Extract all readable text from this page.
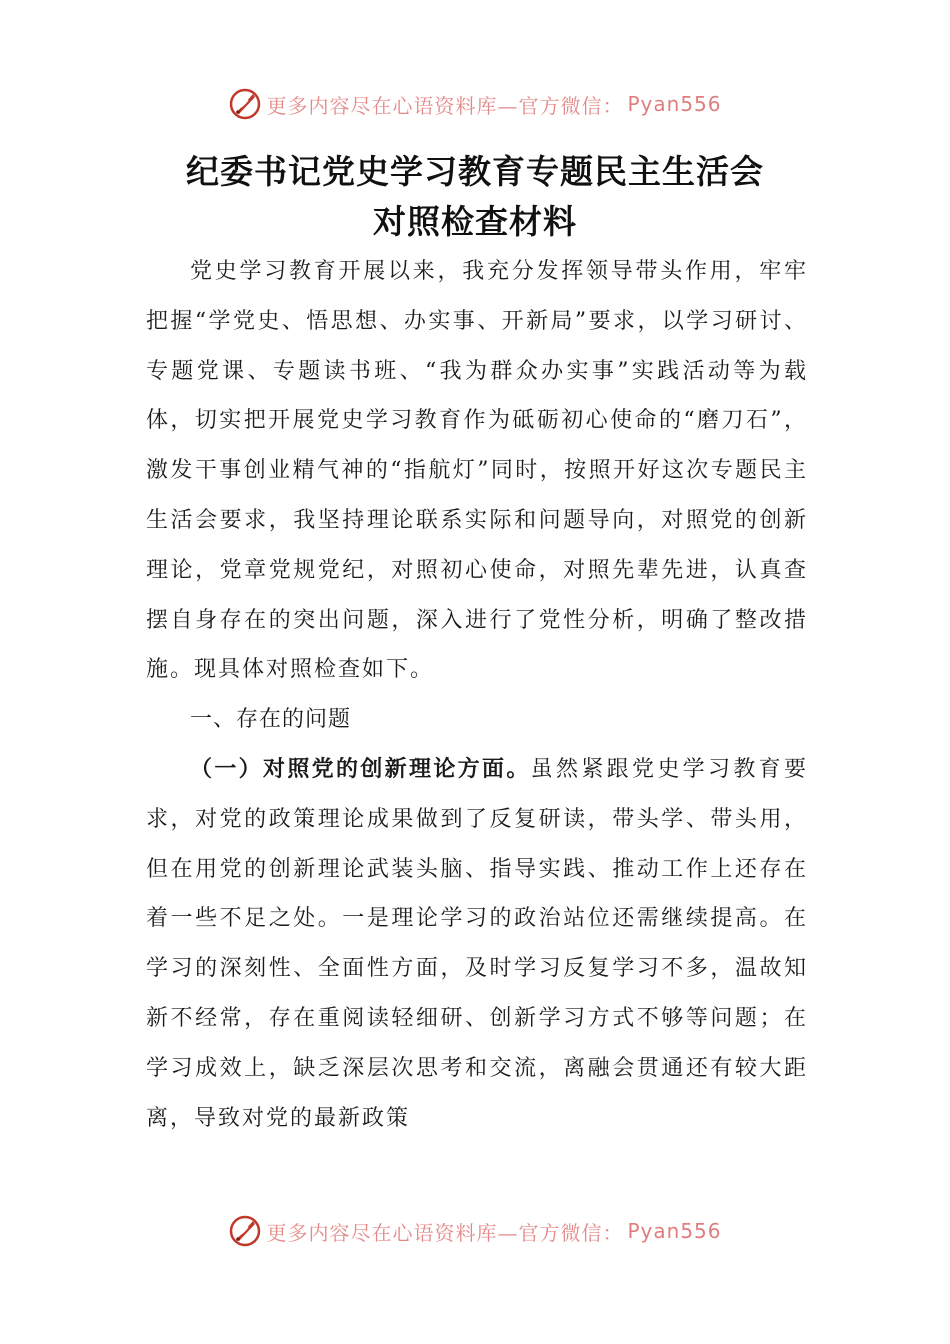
更多内容尽在心语资料库—官方微信： Pyan556
纪委书记党史学习教育专题民主生活会
对照检查材料

党史学习教育开展以来，我充分发挥领导带头作用，牢牢把握“学党史、悟思想、办实事、开新局”要求，以学习研讨、专题党课、专题读书班、“我为群众办实事”实践活动等为载体，切实把开展党史学习教育作为砥砺初心使命的“磨刀石”，激发干事创业精气神的“指航灯”同时，按照开好这次专题民主生活会要求，我坚持理论联系实际和问题导向，对照党的创新理论，党章党规党纪，对照初心使命，对照先辈先进，认真查摆自身存在的突出问题，深入进行了党性分析，明确了整改措施。现具体对照检查如下。

一、存在的问题

（一）对照党的创新理论方面。虽然紧跟党史学习教育要求，对党的政策理论成果做到了反复研读，带头学、带头用，但在用党的创新理论武装头脑、指导实践、推动工作上还存在着一些不足之处。一是理论学习的政治站位还需继续提高。在学习的深刻性、全面性方面，及时学习反复学习不多，温故知新不经常，存在重阅读轻细研、创新学习方式不够等问题；在学习成效上，缺乏深层次思考和交流，离融会贯通还有较大距离，导致对党的最新政策

更多内容尽在心语资料库—官方微信： Pyan556
